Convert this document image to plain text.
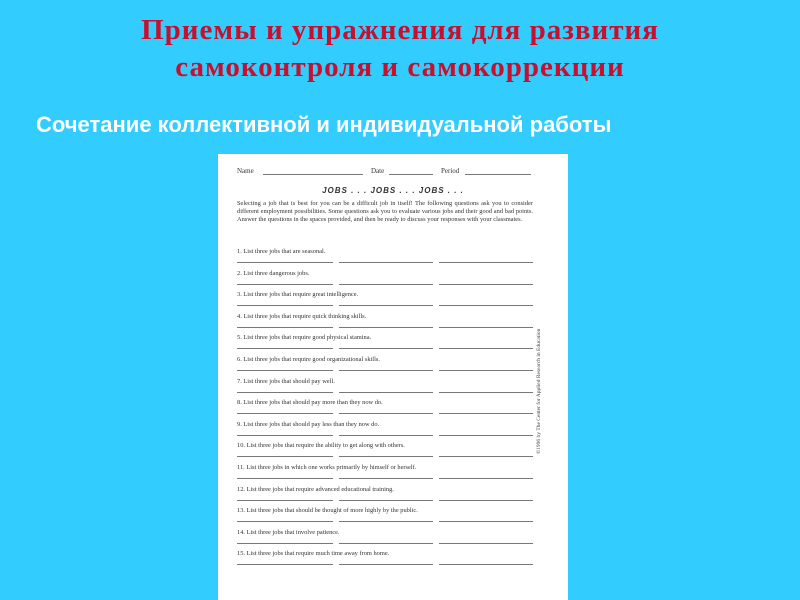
Приемы и упражнения для развития
самоконтроля и самокоррекции
Сочетание коллективной и индивидуальной работы
Name	Date	Period
JOBS . . . JOBS . . . JOBS . . .
Selecting a job that is best for you can be a difficult job in itself! The following questions ask you to consider different employment possibilities. Some questions ask you to evaluate various jobs and their good and bad points. Answer the questions in the spaces provided, and then be ready to discuss your responses with your classmates.
1. List three jobs that are seasonal.
2. List three dangerous jobs.
3. List three jobs that require great intelligence.
4. List three jobs that require quick thinking skills.
5. List three jobs that require good physical stamina.
6. List three jobs that require good organizational skills.
7. List three jobs that should pay well.
8. List three jobs that should pay more than they now do.
9. List three jobs that should pay less than they now do.
10. List three jobs that require the ability to get along with others.
11. List three jobs in which one works primarily by himself or herself.
12. List three jobs that require advanced educational training.
13. List three jobs that should be thought of more highly by the public.
14. List three jobs that involve patience.
15. List three jobs that require much time away from home.
©1996 by The Center for Applied Research in Education
